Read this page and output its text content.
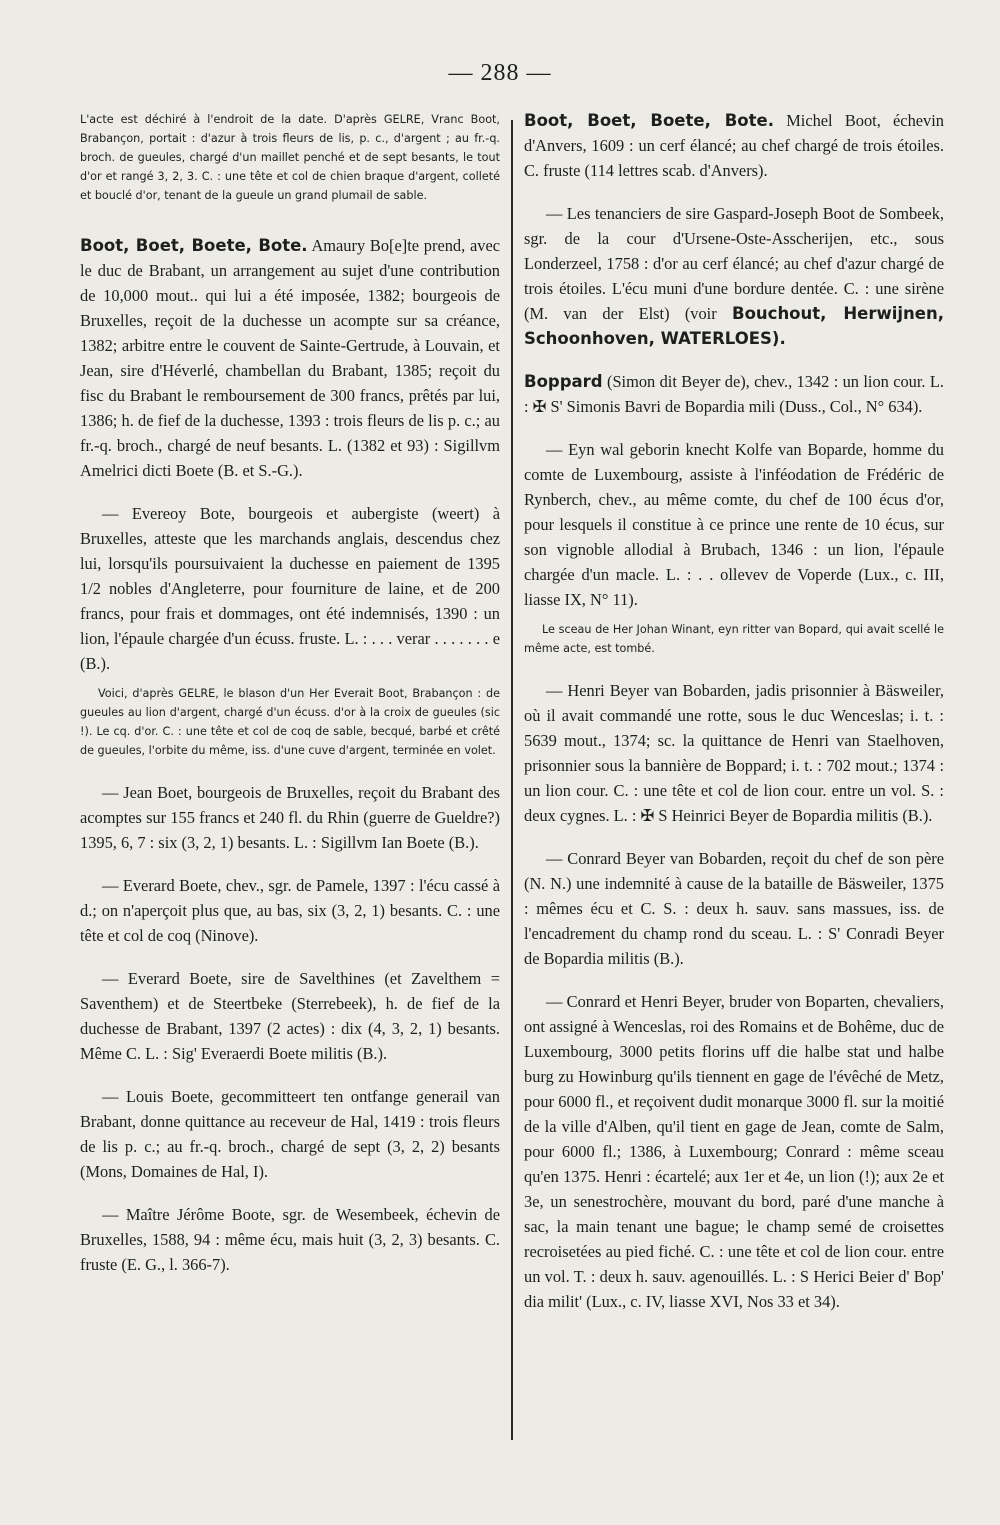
— 288 —
L'acte est déchiré à l'endroit de la date. D'après GELRE, Vranc Boot, Brabançon, portait : d'azur à trois fleurs de lis, p. c., d'argent ; au fr.-q. broch. de gueules, chargé d'un maillet penché et de sept besants, le tout d'or et rangé 3, 2, 3. C. : une tête et col de chien braque d'argent, colleté et bouclé d'or, tenant de la gueule un grand plumail de sable.

Boot, Boet, Boete, Bote. Amaury Bo[e]te prend, avec le duc de Brabant, un arrangement au sujet d'une contribution de 10,000 mout.. qui lui a été imposée, 1382; bourgeois de Bruxelles, reçoit de la duchesse un acompte sur sa créance, 1382; arbitre entre le couvent de Sainte-Gertrude, à Louvain, et Jean, sire d'Héverlé, chambellan du Brabant, 1385; reçoit du fisc du Brabant le remboursement de 300 francs, prêtés par lui, 1386; h. de fief de la duchesse, 1393 : trois fleurs de lis p. c.; au fr.-q. broch., chargé de neuf besants. L. (1382 et 93) : Sigillvm Amelrici dicti Boete (B. et S.-G.).

— Evereoy Bote, bourgeois et aubergiste (weert) à Bruxelles, atteste que les marchands anglais, descendus chez lui, lorsqu'ils poursuivaient la duchesse en paiement de 1395 1/2 nobles d'Angleterre, pour fourniture de laine, et de 200 francs, pour frais et dommages, ont été indemnisés, 1390 : un lion, l'épaule chargée d'un écuss. fruste. L. : . . . verar . . . . . . . e (B.).

Voici, d'après GELRE, le blason d'un Her Everait Boot, Brabançon : de gueules au lion d'argent, chargé d'un écuss. d'or à la croix de gueules (sic !). Le cq. d'or. C. : une tête et col de coq de sable, becqué, barbé et crêté de gueules, l'orbite du même, iss. d'une cuve d'argent, terminée en volet.

— Jean Boet, bourgeois de Bruxelles, reçoit du Brabant des acomptes sur 155 francs et 240 fl. du Rhin (guerre de Gueldre?) 1395, 6, 7 : six (3, 2, 1) besants. L. : Sigillvm Ian Boete (B.).

— Everard Boete, chev., sgr. de Pamele, 1397 : l'écu cassé à d.; on n'aperçoit plus que, au bas, six (3, 2, 1) besants. C. : une tête et col de coq (Ninove).

— Everard Boete, sire de Savelthines (et Zavelthem = Saventhem) et de Steertbeke (Sterrebeek), h. de fief de la duchesse de Brabant, 1397 (2 actes) : dix (4, 3, 2, 1) besants. Même C. L. : Sig' Everaerdi Boete militis (B.).

— Louis Boete, gecommitteert ten ontfange generail van Brabant, donne quittance au receveur de Hal, 1419 : trois fleurs de lis p. c.; au fr.-q. broch., chargé de sept (3, 2, 2) besants (Mons, Domaines de Hal, I).

— Maître Jérôme Boote, sgr. de Wesembeek, échevin de Bruxelles, 1588, 94 : même écu, mais huit (3, 2, 3) besants. C. fruste (E. G., l. 366-7).

Boot, Boet, Boete, Bote. Michel Boot, échevin d'Anvers, 1609 : un cerf élancé; au chef chargé de trois étoiles. C. fruste (114 lettres scab. d'Anvers).

— Les tenanciers de sire Gaspard-Joseph Boot de Sombeek, sgr. de la cour d'Ursene-Oste-Asscherijen, etc., sous Londerzeel, 1758 : d'or au cerf élancé; au chef d'azur chargé de trois étoiles. L'écu muni d'une bordure dentée. C. : une sirène (M. van der Elst) (voir Bouchout, Herwijnen, Schoonhoven, WATERLOES).

Boppard (Simon dit Beyer de), chev., 1342 : un lion cour. L. : ✠ S' Simonis Bavri de Bopardia mili (Duss., Col., N° 634).

— Eyn wal geborin knecht Kolfe van Boparde, homme du comte de Luxembourg, assiste à l'inféodation de Frédéric de Rynberch, chev., au même comte, du chef de 100 écus d'or, pour lesquels il constitue à ce prince une rente de 10 écus, sur son vignoble allodial à Brubach, 1346 : un lion, l'épaule chargée d'un macle. L. : . . ollevev de Voperde (Lux., c. III, liasse IX, N° 11).

Le sceau de Her Johan Winant, eyn ritter van Bopard, qui avait scellé le même acte, est tombé.

— Henri Beyer van Bobarden, jadis prisonnier à Bäsweiler, où il avait commandé une rotte, sous le duc Wenceslas; i. t. : 5639 mout., 1374; sc. la quittance de Henri van Staelhoven, prisonnier sous la bannière de Boppard; i. t. : 702 mout.; 1374 : un lion cour. C. : une tête et col de lion cour. entre un vol. S. : deux cygnes. L. : ✠ S Heinrici Beyer de Bopardia militis (B.).

— Conrard Beyer van Bobarden, reçoit du chef de son père (N. N.) une indemnité à cause de la bataille de Bäsweiler, 1375 : mêmes écu et C. S. : deux h. sauv. sans massues, iss. de l'encadrement du champ rond du sceau. L. : S' Conradi Beyer de Bopardia militis (B.).

— Conrard et Henri Beyer, bruder von Boparten, chevaliers, ont assigné à Wenceslas, roi des Romains et de Bohême, duc de Luxembourg, 3000 petits florins uff die halbe stat und halbe burg zu Howinburg qu'ils tiennent en gage de l'évêché de Metz, pour 6000 fl., et reçoivent dudit monarque 3000 fl. sur la moitié de la ville d'Alben, qu'il tient en gage de Jean, comte de Salm, pour 6000 fl.; 1386, à Luxembourg; Conrard : même sceau qu'en 1375. Henri : écartelé; aux 1er et 4e, un lion (!); aux 2e et 3e, un senestrochère, mouvant du bord, paré d'une manche à sac, la main tenant une bague; le champ semé de croisettes recroisetées au pied fiché. C. : une tête et col de lion cour. entre un vol. T. : deux h. sauv. agenouillés. L. : S Herici Beier d' Bop' dia milit' (Lux., c. IV, liasse XVI, Nos 33 et 34).
